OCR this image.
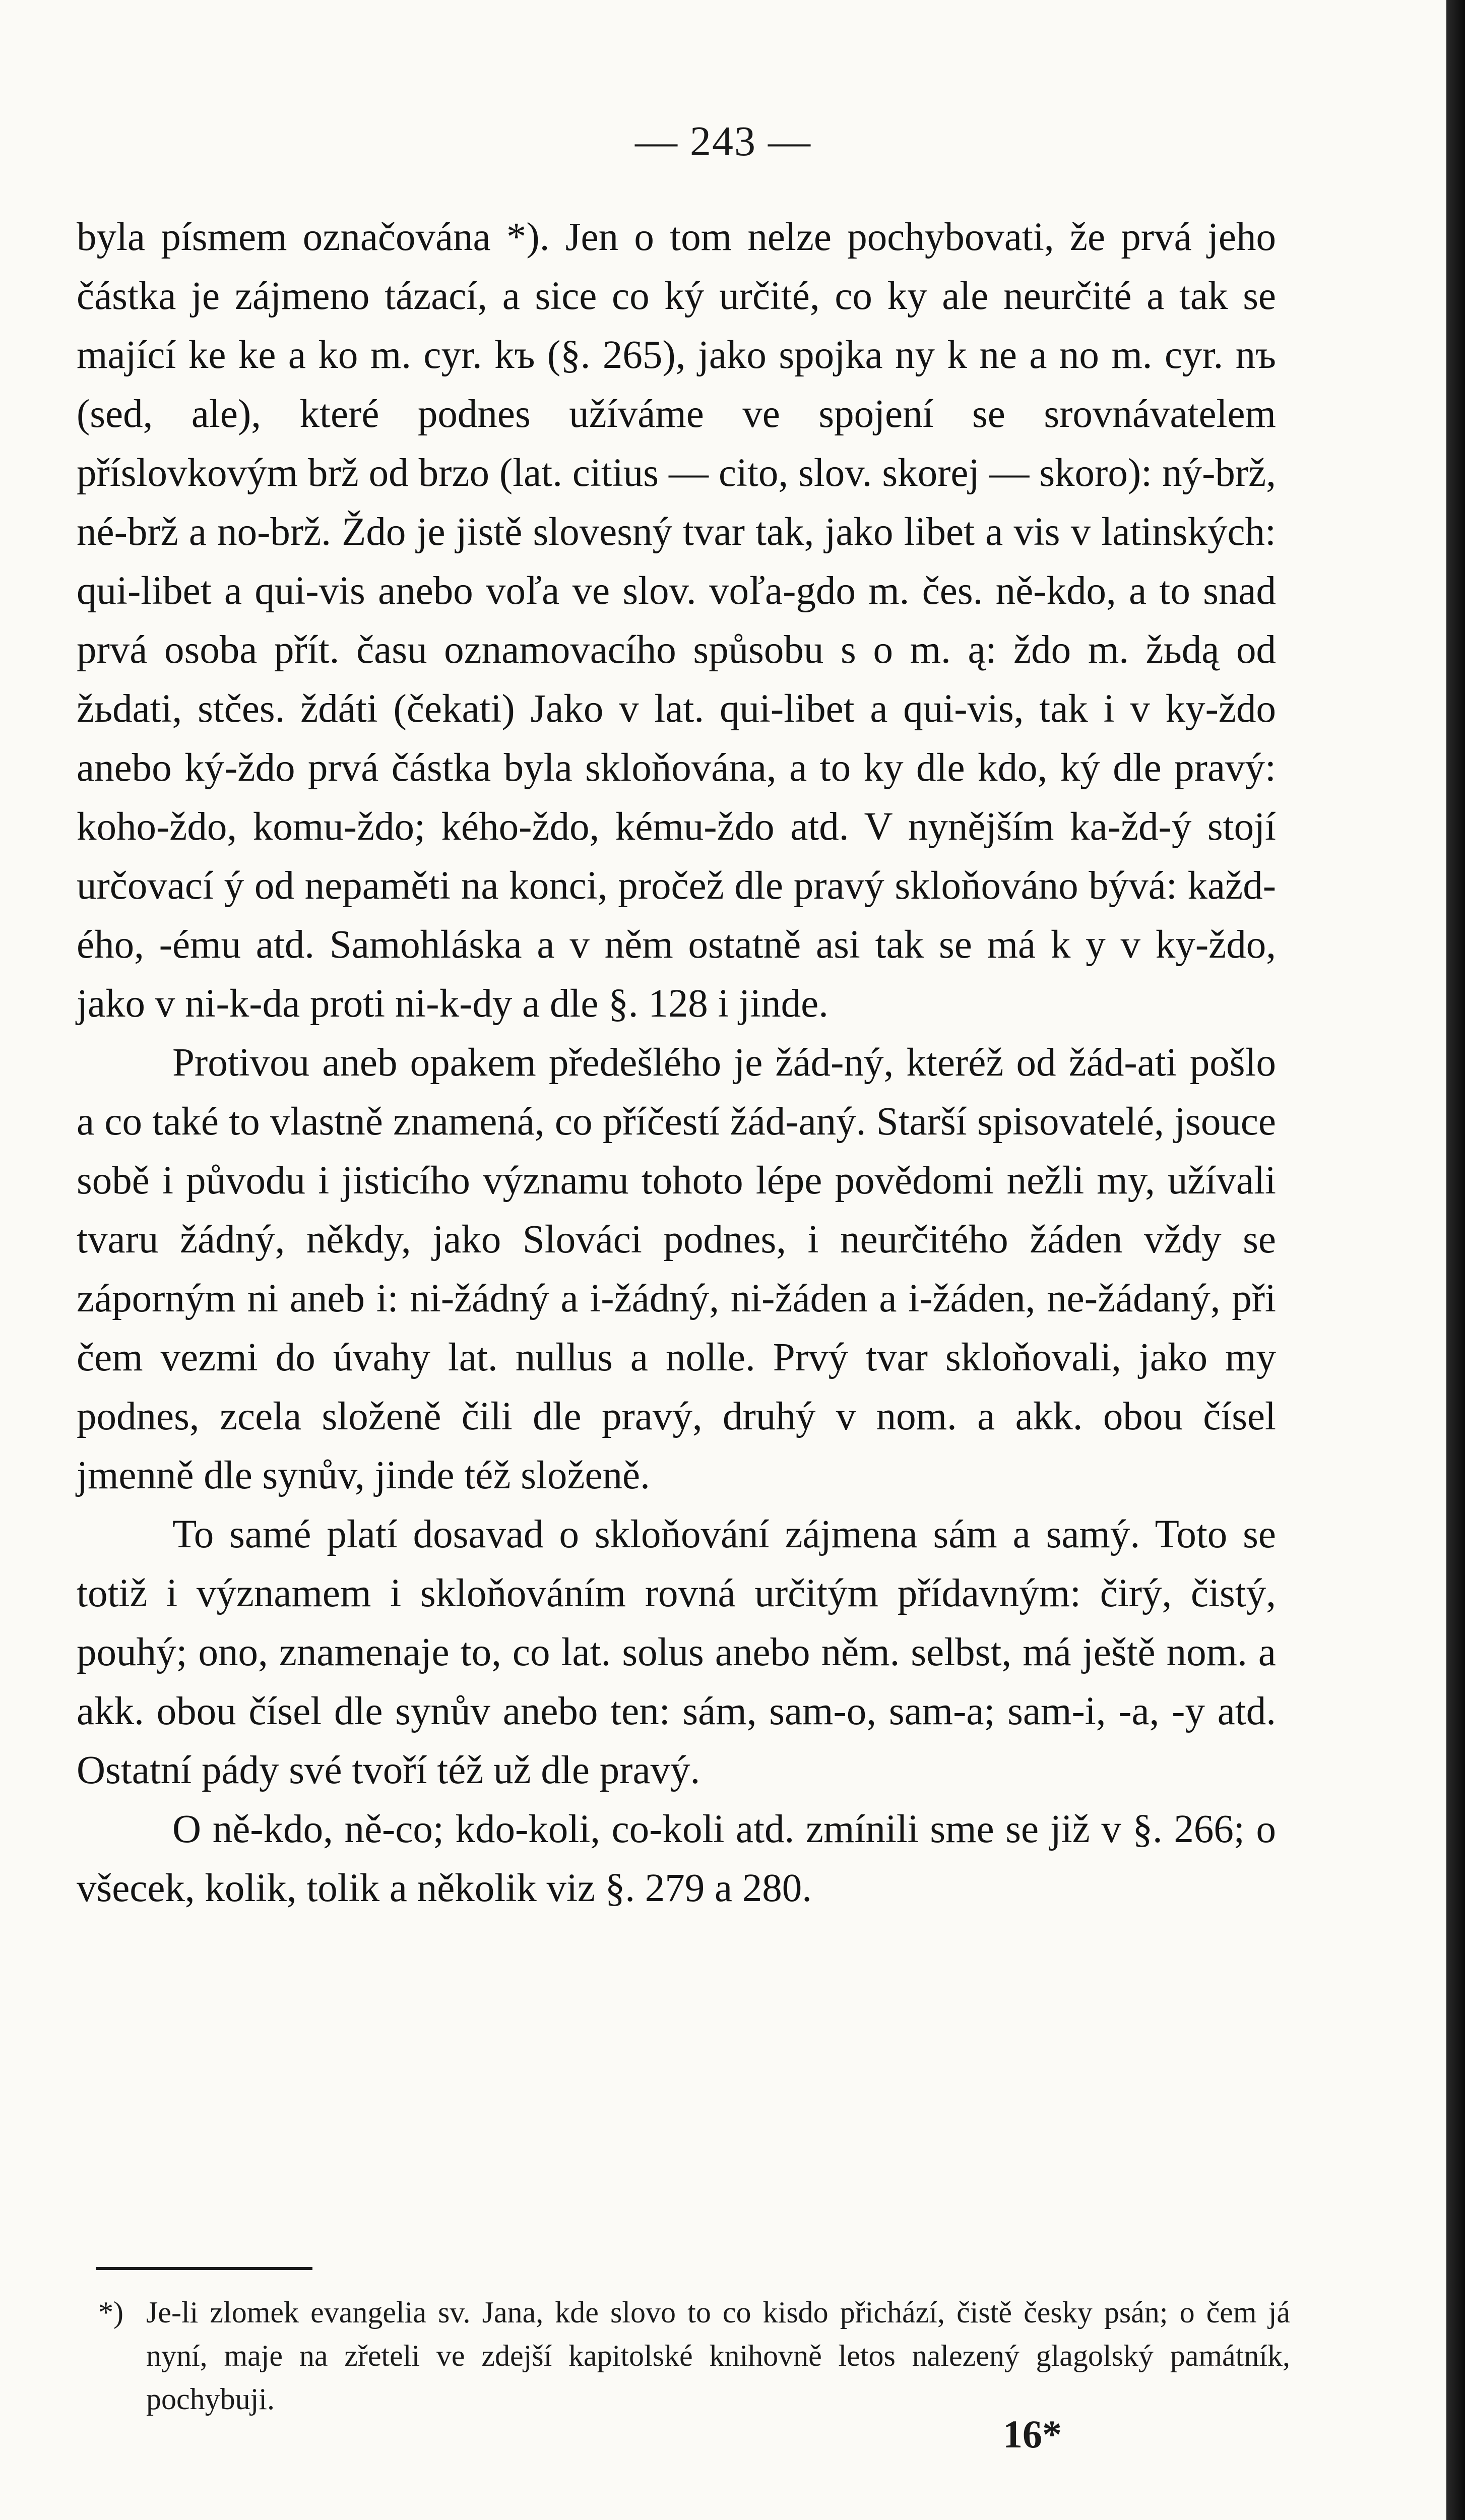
— 243 —

byla písmem označována *). Jen o tom nelze pochybovati, že prvá jeho částka je zájmeno tázací, a sice co ký určité, co ky ale neurčité a tak se mající ke ke a ko m. cyr. kъ (§. 265), jako spojka ny k ne a no m. cyr. nъ (sed, ale), které podnes užíváme ve spojení se srovnávatelem příslovkovým brž od brzo (lat. citius — cito, slov. skorej — skoro): ný-brž, né-brž a no-brž. Ždo je jistě slovesný tvar tak, jako libet a vis v latinských: qui-libet a qui-vis anebo voľa ve slov. voľa-gdo m. čes. ně-kdo, a to snad prvá osoba přít. času oznamovacího spůsobu s o m. ą: ždo m. žьdą od žьdati, stčes. ždáti (čekati) Jako v lat. qui-libet a qui-vis, tak i v ky-ždo anebo ký-ždo prvá částka byla skloňována, a to ky dle kdo, ký dle pravý: koho-ždo, komu-ždo; kého-ždo, kému-ždo atd. V nynějším ka-žd-ý stojí určovací ý od nepaměti na konci, pročež dle pravý skloňováno bývá: každ-ého, -ému atd. Samohláska a v něm ostatně asi tak se má k y v ky-ždo, jako v ni-k-da proti ni-k-dy a dle §. 128 i jinde.

Protivou aneb opakem předešlého je žád-ný, kteréž od žád-ati pošlo a co také to vlastně znamená, co příčestí žád-aný. Starší spisovatelé, jsouce sobě i původu i jisticího významu tohoto lépe povědomi nežli my, užívali tvaru žádný, někdy, jako Slováci podnes, i neurčitého žáden vždy se záporným ni aneb i: ni-žádný a i-žádný, ni-žáden a i-žáden, ne-žádaný, při čem vezmi do úvahy lat. nullus a nolle. Prvý tvar skloňovali, jako my podnes, zcela složeně čili dle pravý, druhý v nom. a akk. obou čísel jmenně dle synův, jinde též složeně.

To samé platí dosavad o skloňování zájmena sám a samý. Toto se totiž i významem i skloňováním rovná určitým přídavným: čirý, čistý, pouhý; ono, znamenaje to, co lat. solus anebo něm. selbst, má ještě nom. a akk. obou čísel dle synův anebo ten: sám, sam-o, sam-a; sam-i, -a, -y atd. Ostatní pády své tvoří též už dle pravý.

O ně-kdo, ně-co; kdo-koli, co-koli atd. zmínili sme se již v §. 266; o všecek, kolik, tolik a několik viz §. 279 a 280.

*) Je-li zlomek evangelia sv. Jana, kde slovo to co kisdo přichází, čistě česky psán; o čem já nyní, maje na zřeteli ve zdejší kapitolské knihovně letos nalezený glagolský památník, pochybuji.
16*
